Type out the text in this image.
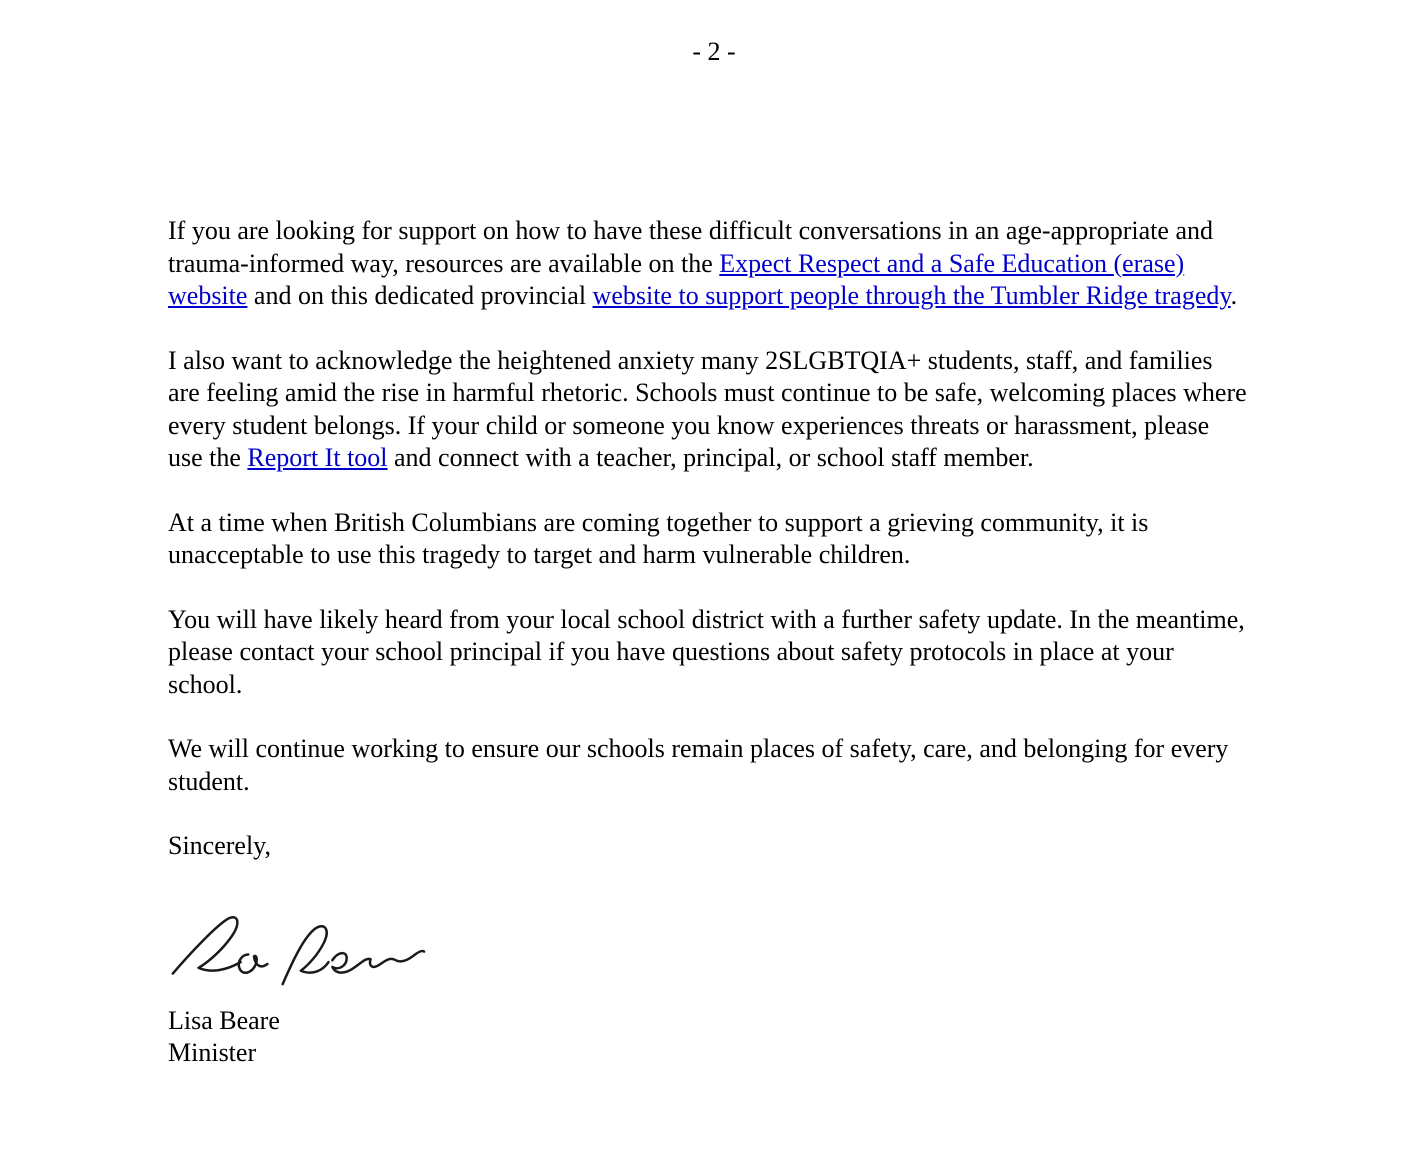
- 2 -

If you are looking for support on how to have these difficult conversations in an age-appropriate and trauma-informed way, resources are available on the Expect Respect and a Safe Education (erase) website and on this dedicated provincial website to support people through the Tumbler Ridge tragedy.

I also want to acknowledge the heightened anxiety many 2SLGBTQIA+ students, staff, and families are feeling amid the rise in harmful rhetoric. Schools must continue to be safe, welcoming places where every student belongs. If your child or someone you know experiences threats or harassment, please use the Report It tool and connect with a teacher, principal, or school staff member.

At a time when British Columbians are coming together to support a grieving community, it is unacceptable to use this tragedy to target and harm vulnerable children.

You will have likely heard from your local school district with a further safety update. In the meantime, please contact your school principal if you have questions about safety protocols in place at your school.

We will continue working to ensure our schools remain places of safety, care, and belonging for every student.

Sincerely,

Lisa Beare
Minister
